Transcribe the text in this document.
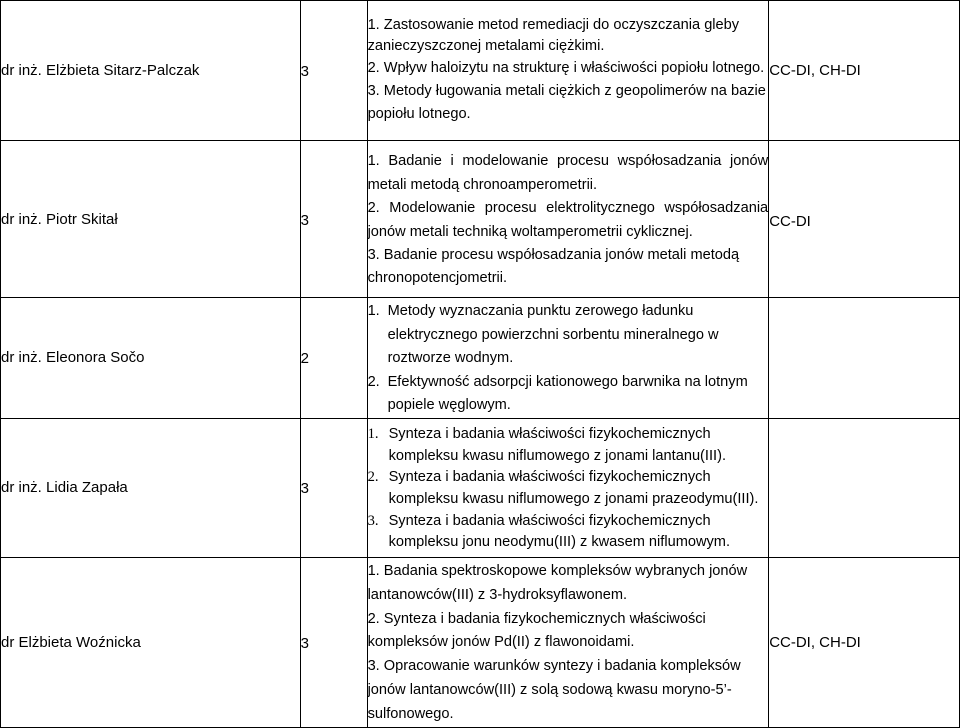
dr inż. Elżbieta Sitarz-Palczak	3	1. Zastosowanie metod remediacji do oczyszczania gleby zanieczyszczonej metalami ciężkimi.

2. Wpływ haloizytu na strukturę i właściwości popiołu lotnego.

3. Metody ługowania metali ciężkich z geopolimerów na bazie popiołu lotnego.	CC-DI, CH-DI
dr inż. Piotr Skitał	3	1. Badanie i modelowanie procesu współosadzania jonów metali metodą chronoamperometrii.

2. Modelowanie procesu elektrolitycznego współosadzania jonów metali techniką woltamperometrii cyklicznej.

3. Badanie procesu współosadzania jonów metali metodą chronopotencjometrii.	CC-DI
dr inż. Eleonora Sočo	2	1. Metody wyznaczania punktu zerowego ładunku elektrycznego powierzchni sorbentu mineralnego w roztworze wodnym.

2. Efektywność adsorpcji kationowego barwnika na lotnym popiele węglowym.	

dr inż. Lidia Zapała	3	1. Synteza i badania właściwości fizykochemicznych kompleksu kwasu niflumowego z jonami lantanu(III).

2. Synteza i badania właściwości fizykochemicznych kompleksu kwasu niflumowego z jonami prazeodymu(III).

3. Synteza i badania właściwości fizykochemicznych kompleksu jonu neodymu(III) z kwasem niflumowym.	

dr Elżbieta Woźnicka	3	1. Badania spektroskopowe kompleksów wybranych jonów lantanowców(III) z 3-hydroksyflawonem.

2. Synteza i badania fizykochemicznych właściwości kompleksów jonów Pd(II) z flawonoidami.

3. Opracowanie warunków syntezy i badania kompleksów jonów lantanowców(III) z solą sodową kwasu moryno-5’-sulfonowego.	CC-DI, CH-DI
